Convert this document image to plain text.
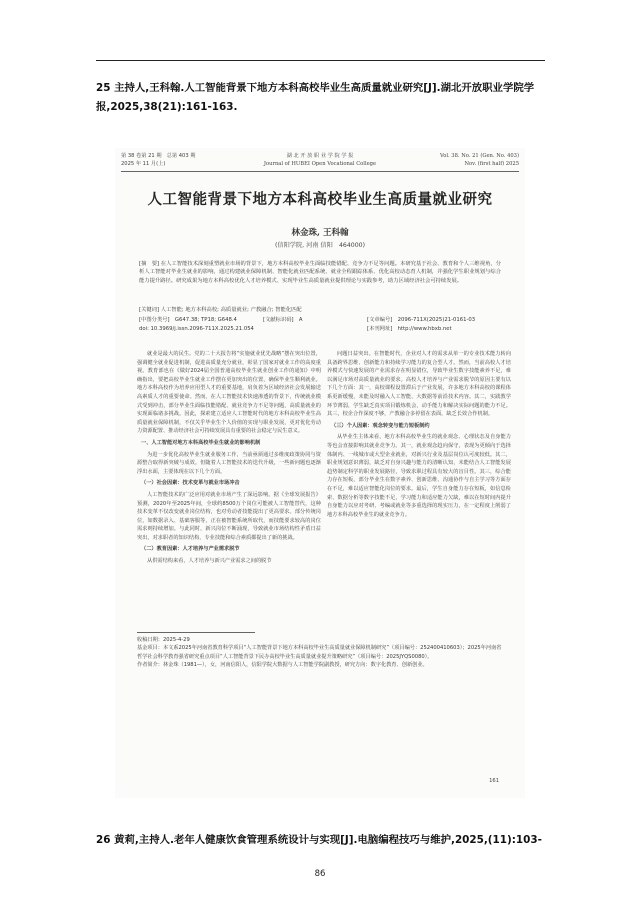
25 主持人,王科翰.人工智能背景下地方本科高校毕业生高质量就业研究[J].湖北开放职业学院学报,2025,38(21):161-163.
第 38 卷第 21 期　总第 403 期
2025 年 11 月(上)
湖 北 开 放 职 业 学 院 学 报
Journal of HUBEI Open Vocational College
Vol. 38. No. 21 (Gen. No. 403)
Nov. (first half) 2025
人工智能背景下地方本科高校毕业生高质量就业研究
林金珠, 王科翰
(信阳学院, 河南 信阳　464000)
[摘　要] 在人工智能技术深刻重塑就业市场的背景下，地方本科高校毕业生面临技能错配、竞争力不足等问题。本研究基于社会、教育和个人三维视角，分析人工智能对毕业生就业的影响，通过构建就业保障机制、智能化就业匹配系统、就业全程跟踪体系、优化高校动态育人机制，并强化学生职业规划与综合能力提升路径。研究成果为地方本科高校优化人才培养模式、实现毕业生高质量就业提供理论与实践参考，助力区域经济社会可持续发展。
[关键词] 人工智能; 地方本科高校; 高质量就业; 产教融合; 智能化匹配
[中图分类号]　G647.38; TP18; G648.4	[文献标识码]　A	[文章编号]　2096-711X(2025)21-0161-03
doi: 10.3969/j.issn.2096-711X.2025.21.054	[本刊网址]　http://www.hbxb.net

就业是最大的民生。党的二十大报告将“实施就业优先战略”摆在突出位置，强调健全就业促进机制，促进高质量充分就业，彰显了国家对就业工作的高度重视。教育部也在《做好2024届全国普通高校毕业生就业创业工作的通知》中明确指出，要把高校毕业生就业工作摆在更加突出的位置，确保毕业生顺利就业。地方本科高校作为培养应用型人才的重要基地，肩负着为区域经济社会发展输送高素质人才的重要使命。然而，在人工智能技术快速渗透的背景下，传统就业模式受到冲击，部分毕业生面临技能错配、就业竞争力不足等问题，高质量就业的实现面临诸多挑战。因此，探索建立适应人工智能时代的地方本科高校毕业生高质量就业保障机制，不仅关乎毕业生个人价值的实现与职业发展，更对优化劳动力资源配置、推动经济社会可持续发展具有重要的社会稳定与民生意义。

一、人工智能对地方本科高校毕业生就业的影响机制

为进一步优化高校毕业生就业服务工作，当前亟须通过多维度政策协同与资源整合取得新突破与成效。但随着人工智能技术的迭代升级，一些新问题也逐渐浮出水面，主要体现在以下几个方面。

（一）社会因素：技术变革与就业市场冲击

人工智能技术的广泛应用对就业市场产生了深远影响。据《全球发展报告》预测，2020年至2025年间，全球约8500万个岗位可能被人工智能替代，这种技术变革不仅改变就业岗位结构，也对劳动者技能提出了更高要求。部分传统岗位，如数据录入、基础客服等，正在被智能系统所取代，而技能要求较高的岗位需求则持续增加。与此同时，新兴岗位不断涌现，导致就业市场结构性矛盾日益突出，对求职者的知识结构、专业技能和综合素质都提出了新的挑战。

（二）教育因素：人才培养与产业需求脱节

从供需结构来看，人才培养与新兴产业需求之间的脱节

问题日益突出。在智能时代，企业对人才的需求从单一的专业技术能力转向具备跨界思维、创新能力和持续学习能力的复合型人才。然而，当前高校人才培养模式与快速发展的产业需求存在明显错位，导致毕业生数字技能素养不足，难以满足市场对高质量就业的要求。高校人才培养与产业需求脱节的原因主要有以下几个方面：其一，高校课程设置滞后于产业发展，许多地方本科高校的课程体系更新缓慢，未能及时融入人工智能、大数据等前沿技术内容。其二，实践教学环节薄弱，学生缺乏真实项目锻炼机会，动手能力和解决实际问题的能力不足。其三，校企合作深度不够，产教融合多停留在表面，缺乏长效合作机制。

（三）个人因素：观念转变与能力短板制约

从毕业生主体来看，地方本科高校毕业生的就业观念、心理状态及自身能力等也会直接影响其就业竞争力。其一，就业观念趋向保守，表现为更倾向于选择体制内、一线城市或大型企业就业，对新兴行业及基层岗位认可度较低。其二，职业规划意识薄弱，缺乏对自身兴趣与能力的清晰认知，未能结合人工智能发展趋势制定科学的职业发展路径，导致求职过程具有较大的盲目性。其三，综合能力存在短板，部分毕业生在数字素养、创新思维、沟通协作与自主学习等方面存在不足，难以适应智能化岗位的要求。最后，学生自身能力存在短板，如信息检索、数据分析等数字技能不足，学习能力和适应能力欠缺，难以在短时间内提升自身能力以应对考研、考编或就业等多重选择的现实压力，在一定程度上削弱了地方本科高校毕业生的就业竞争力。

收稿日期：2025-4-29
基金项目：本文系2025年河南省教育科学项目“人工智能背景下地方本科高校毕业生高质量就业保障机制研究”（项目编号：252400410603）；2025年河南省哲学社会科学教育强省研究重点项目“人工智能背景下民办高校毕业生高质量就业提升策略研究”（项目编号：2025JYQS0080）。
作者简介：林金珠（1981—），女，河南信阳人，信阳学院大数据与人工智能学院副教授，研究方向：数字化教育、创新创业。
161
26 黄莉,主持人.老年人健康饮食管理系统设计与实现[J].电脑编程技巧与维护,2025,(11):103-
86
